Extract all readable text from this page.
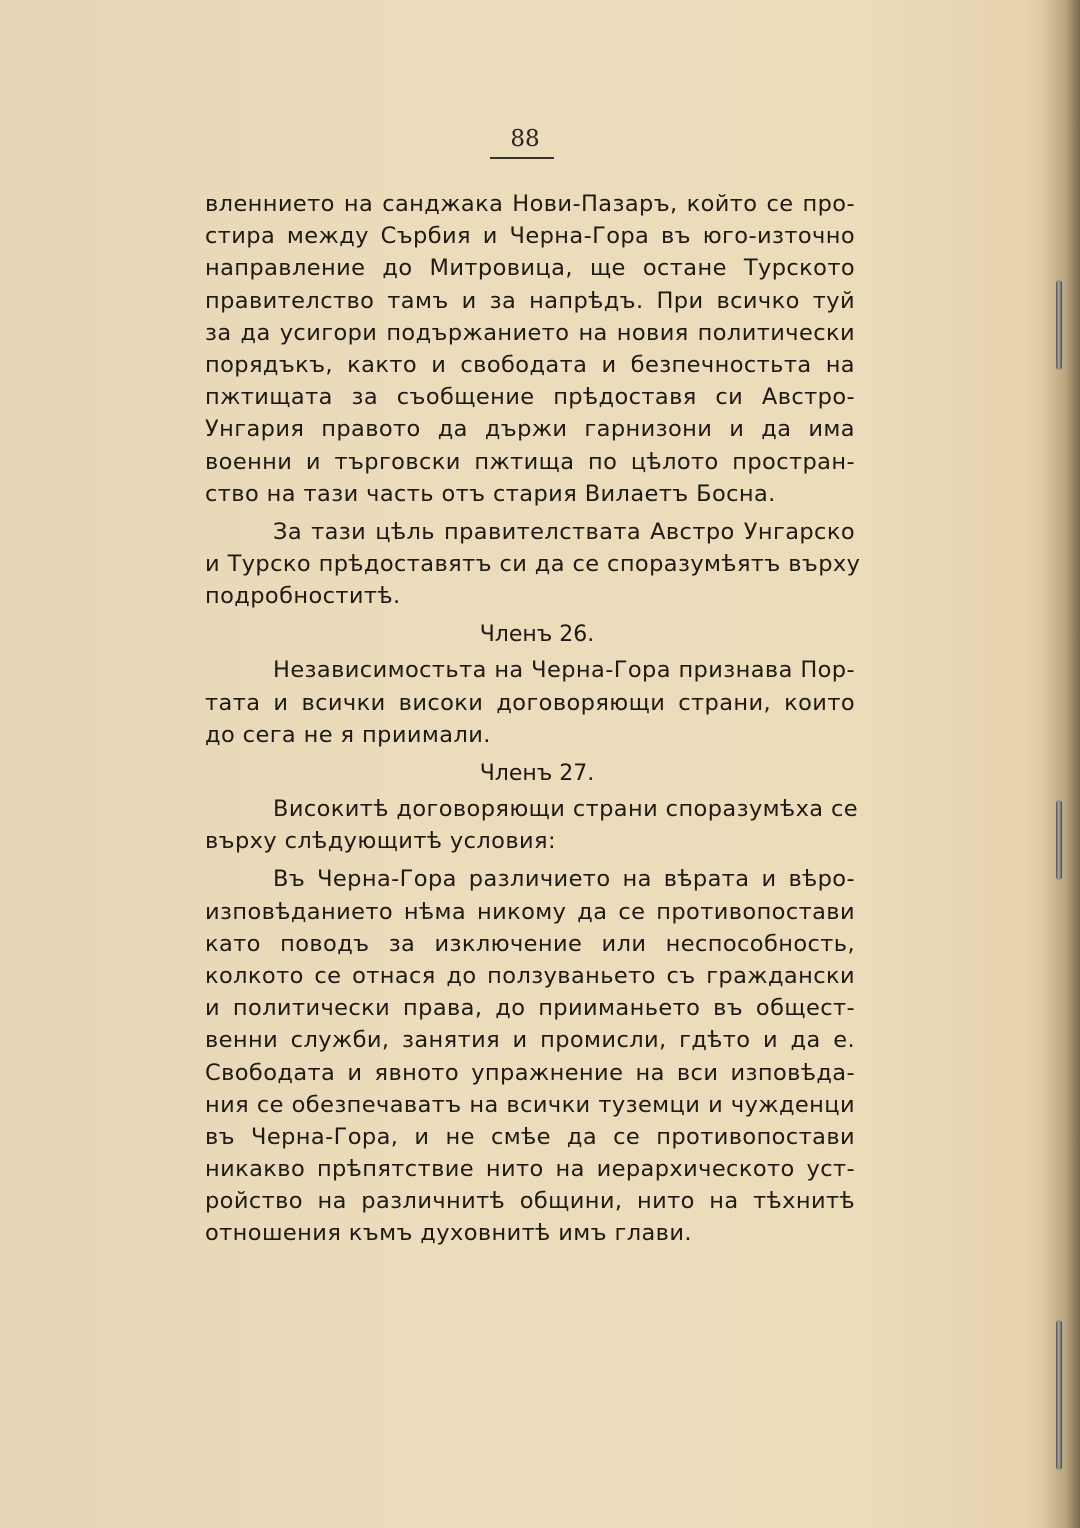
88
вленнието на санджака Нови-Пазаръ, който се про-
стира между Сърбия и Черна-Гора въ юго-източно
направление до Митровица, ще остане Турското
правителство тамъ и за напрѣдъ. При всичко туй
за да усигори подържанието на новия политически
порядъкъ, както и свободата и безпечностьта на
пжтищата за съобщение прѣдоставя си Австро-
Унгария правото да държи гарнизони и да има
военни и търговски пжтища по цѣлото простран-
ство на тази часть отъ стария Вилаетъ Босна.
За тази цѣль правителствата Австро Унгарско
и Турско прѣдоставятъ си да се споразумѣятъ върху
подробноститѣ.
Членъ 26.
Независимостьта на Черна-Гора признава Пор-
тата и всички високи договоряющи страни, които
до сега не я приимали.
Членъ 27.
Високитѣ договоряющи страни споразумѣха се
върху слѣдующитѣ условия:
Въ Черна-Гора различието на вѣрата и вѣро-
изповѣданието нѣма никому да се противопостави
като поводъ за изключение или неспособность,
колкото се отнася до ползуваньето съ граждански
и политически права, до прииманьето въ общест-
венни служби, занятия и промисли, гдѣто и да е.
Свободата и явното упражнение на вси изповѣда-
ния се обезпечаватъ на всички туземци и чужденци
въ Черна-Гора, и не смѣе да се противопостави
никакво прѣпятствие нито на иерархическото уст-
ройство на различнитѣ общини, нито на тѣхнитѣ
отношения къмъ духовнитѣ имъ глави.
